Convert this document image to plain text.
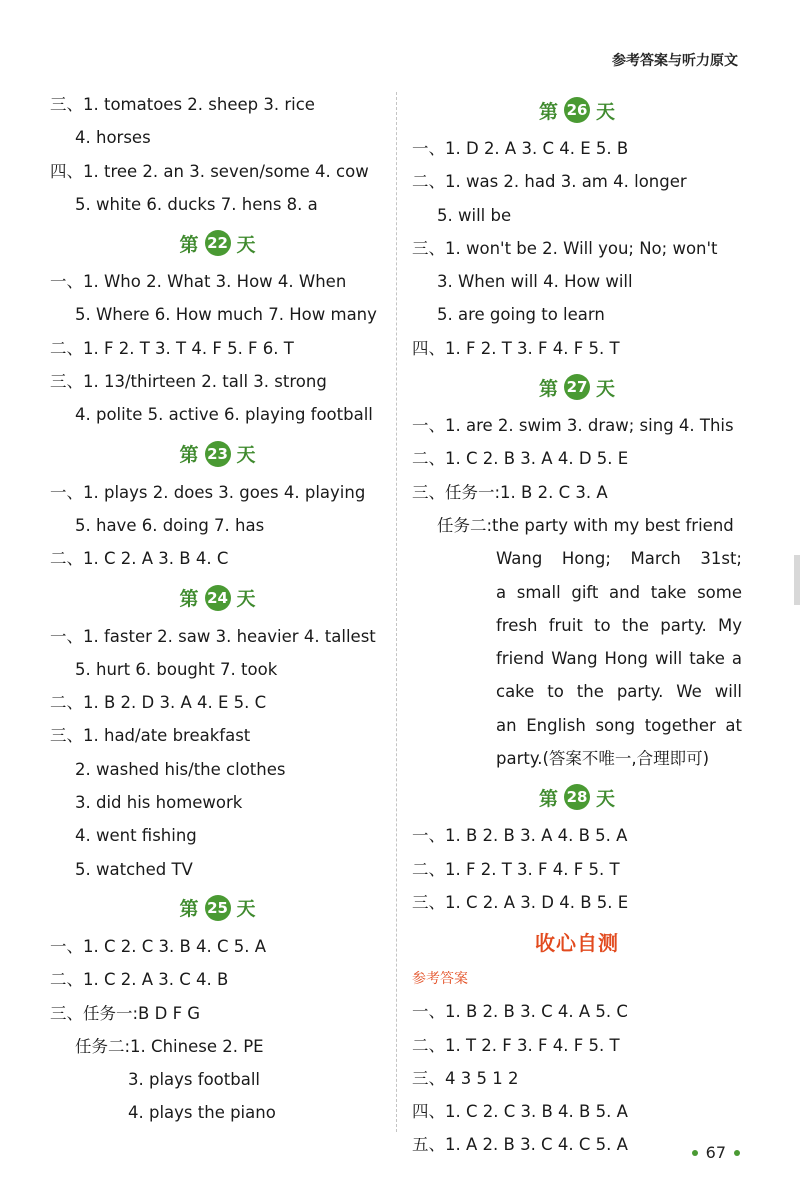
参考答案与听力原文
三、1. tomatoes 2. sheep 3. rice
4. horses
四、1. tree 2. an 3. seven/some 4. cow
5. white 6. ducks 7. hens 8. a
第 22 天
一、1. Who 2. What 3. How 4. When
5. Where 6. How much 7. How many
二、1. F 2. T 3. T 4. F 5. F 6. T
三、1. 13/thirteen 2. tall 3. strong
4. polite 5. active 6. playing football
第 23 天
一、1. plays 2. does 3. goes 4. playing
5. have 6. doing 7. has
二、1. C 2. A 3. B 4. C
第 24 天
一、1. faster 2. saw 3. heavier 4. tallest
5. hurt 6. bought 7. took
二、1. B 2. D 3. A 4. E 5. C
三、1. had/ate breakfast
2. washed his/the clothes
3. did his homework
4. went fishing
5. watched TV
第 25 天
一、1. C 2. C 3. B 4. C 5. A
二、1. C 2. A 3. C 4. B
三、任务一:B D F G
任务二:1. Chinese 2. PE
3. plays football
4. plays the piano
第 26 天
一、1. D 2. A 3. C 4. E 5. B
二、1. was 2. had 3. am 4. longer
5. will be
三、1. won't be 2. Will you; No; won't
3. When will 4. How will
5. are going to learn
四、1. F 2. T 3. F 4. F 5. T
第 27 天
一、1. are 2. swim 3. draw; sing 4. This
二、1. C 2. B 3. A 4. D 5. E
三、任务一:1. B 2. C 3. A
任务二:the party with my best friend
Wang Hong; March 31st;
a small gift and take some
fresh fruit to the party. My
friend Wang Hong will take a
cake to the party. We will
an English song together at
party.(答案不唯一,合理即可)
第 28 天
一、1. B 2. B 3. A 4. B 5. A
二、1. F 2. T 3. F 4. F 5. T
三、1. C 2. A 3. D 4. B 5. E
收心自测
参考答案
一、1. B 2. B 3. C 4. A 5. C
二、1. T 2. F 3. F 4. F 5. T
三、4 3 5 1 2
四、1. C 2. C 3. B 4. B 5. A
五、1. A 2. B 3. C 4. C 5. A	67
